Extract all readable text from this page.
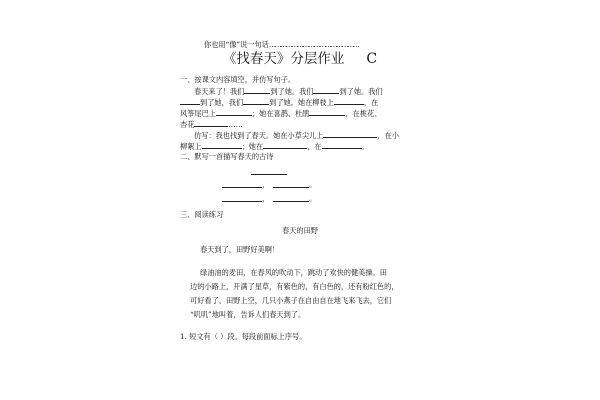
你也用“像”说一句话…………………………………………
《找春天》分层作业 C
一、按课文内容填空，并仿写句子。
春天来了！我们	到了她。我们	到了她。我们
到了她，我们	到了她。她在柳枝上	，在
风筝尾巴上	；她在喜鹊、杜鹃	，在桃花、
杏花	……
仿写：我也找到了春天。她在小草尖儿上	，在小
柳絮上	；她在	，在	。
二、默写一首描写春天的古诗
，	。
，	。
三、阅读练习
春天的田野
春天到了，田野好美啊！
绿油油的麦田，在春风的吹动下，跳动了欢快的健美操。田
边的小路上，开满了星草，有紫色的，有白色的，还有粉红色的，
可好看了。田野上空，几只小燕子在自由自在地飞来飞去，它们
“叽叽”地叫着，告诉人们春天到了。
1. 短文有（ ）段。每段前面标上序号。
